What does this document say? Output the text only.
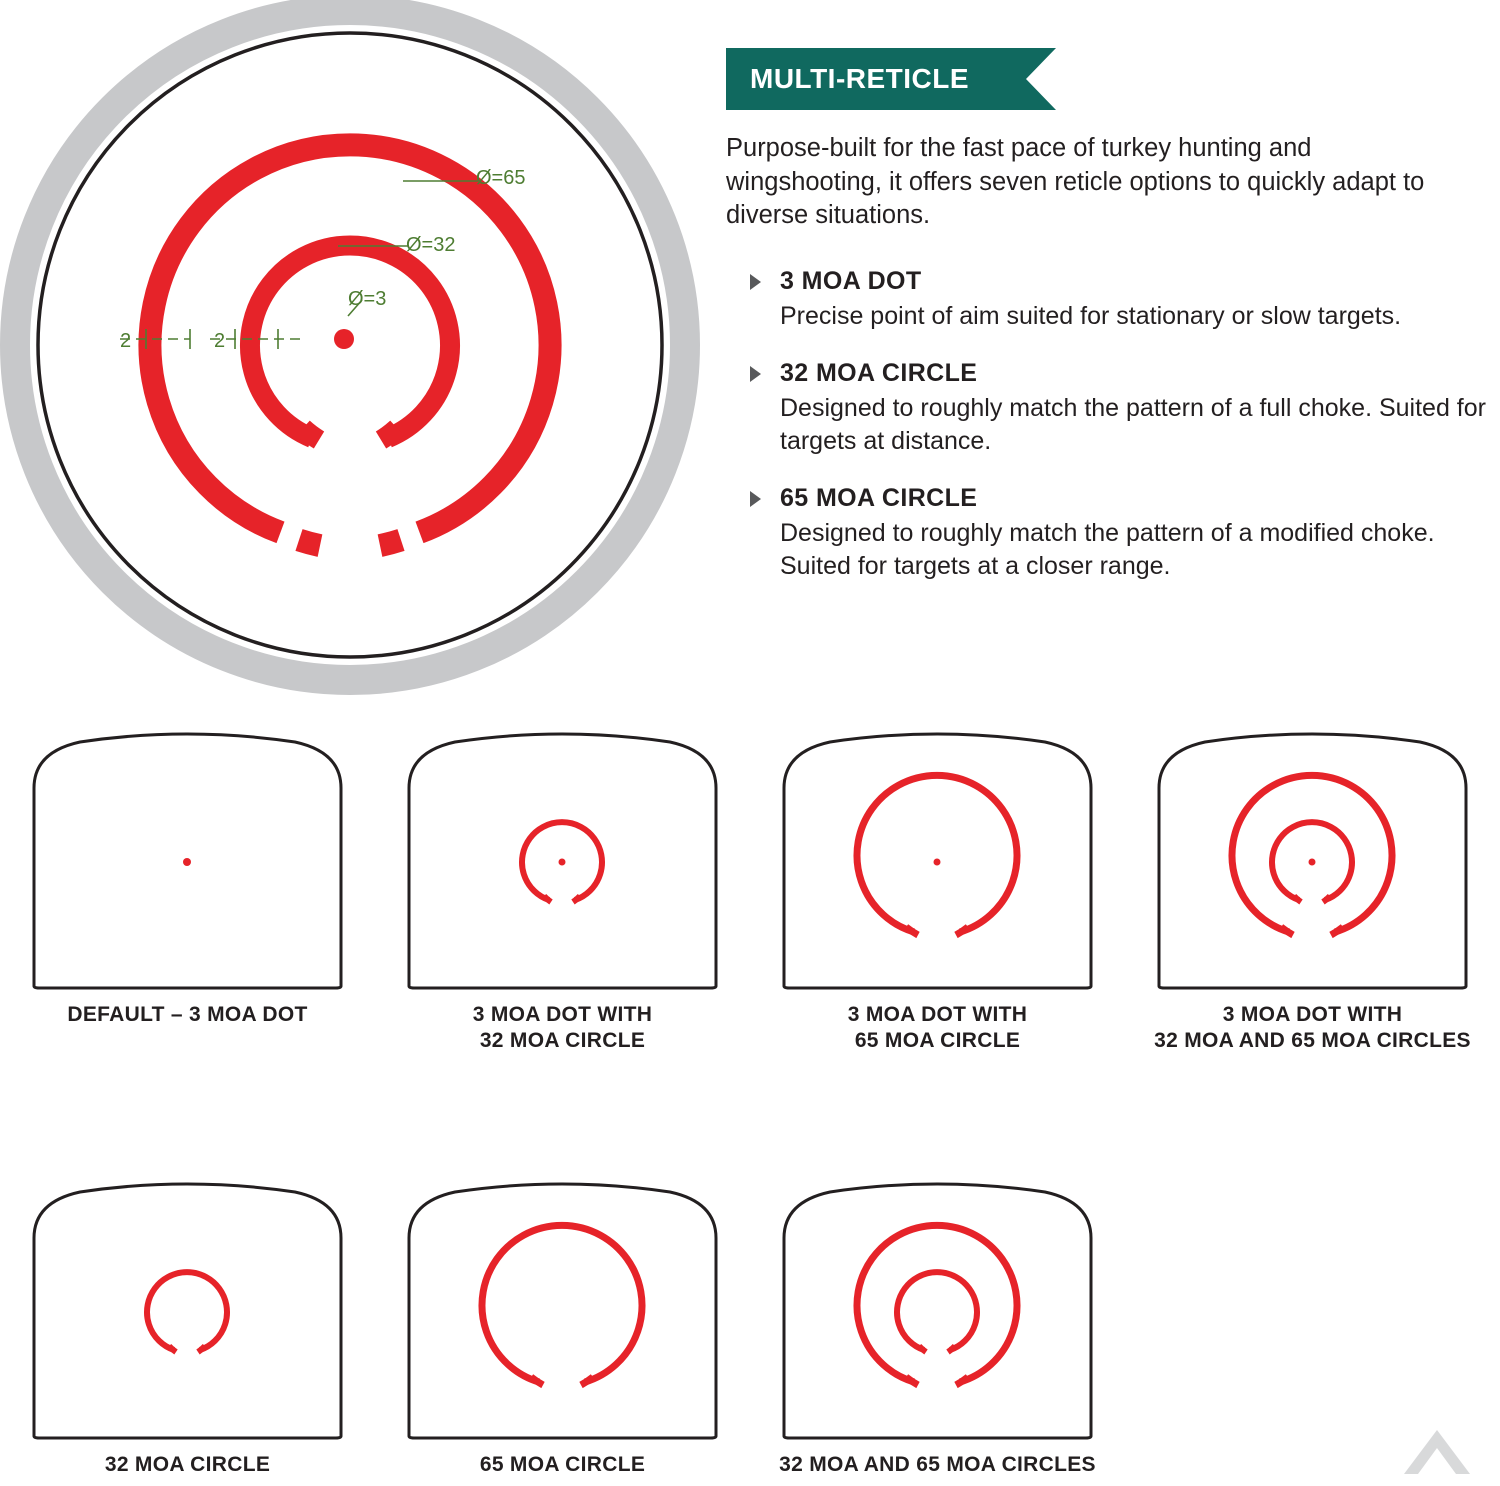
Ø=3
Ø=32
Ø=65
2	2
MULTI-RETICLE

Purpose-built for the fast pace of turkey hunting and wingshooting, it offers seven reticle options to quickly adapt to diverse situations.

3 MOA DOT
Precise point of aim suited for stationary or slow targets.
32 MOA CIRCLE
Designed to roughly match the pattern of a full choke. Suited for targets at distance.
65 MOA CIRCLE
Designed to roughly match the pattern of a modified choke. Suited for targets at a closer range.
DEFAULT – 3 MOA DOT	3 MOA DOT WITH
32 MOA CIRCLE
3 MOA DOT WITH
65 MOA CIRCLE
3 MOA DOT WITH
32 MOA AND 65 MOA CIRCLES
32 MOA CIRCLE	65 MOA CIRCLE	32 MOA AND 65 MOA CIRCLES
